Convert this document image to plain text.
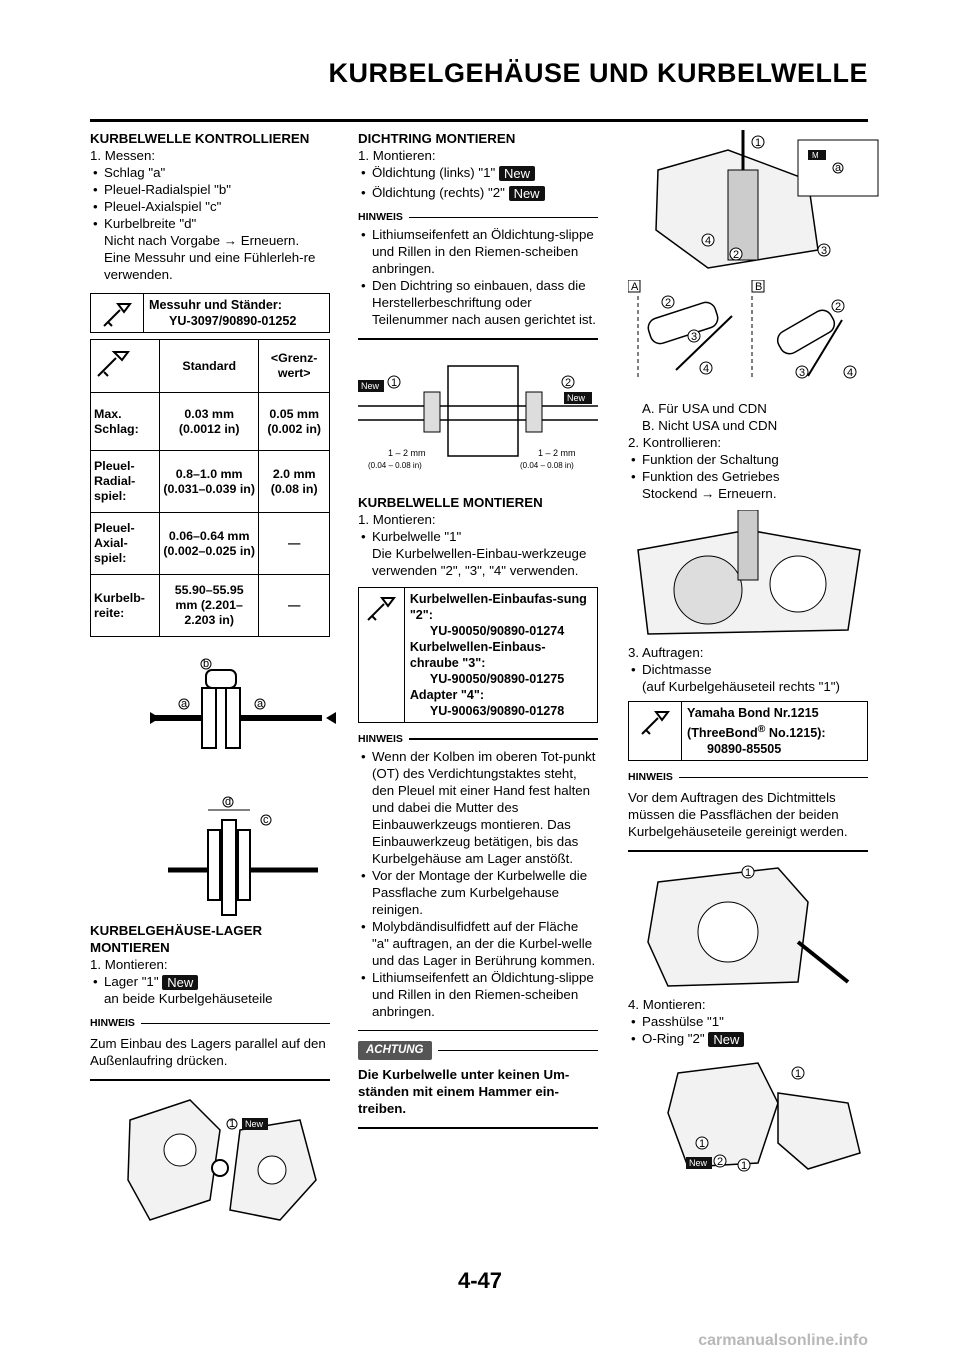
KURBELGEHÄUSE UND KURBELWELLE

KURBELWELLE KONTROLLIEREN

1. Messen:

• Schlag "a"

• Pleuel-Radialspiel "b"

• Pleuel-Axialspiel "c"

• Kurbelbreite "d"

Nicht nach Vorgabe → Erneuern.

Eine Messuhr und eine Fühlerleh-re verwenden.

Messuhr und Ständer:
YU-3097/90890-01252
	Standard	<Grenz-wert>
Max. Schlag:	0.03 mm (0.0012 in)	0.05 mm (0.002 in)
Pleuel-Radial-spiel:	0.8–1.0 mm (0.031–0.039 in)	2.0 mm (0.08 in)
Pleuel-Axial-spiel:	0.06–0.64 mm (0.002–0.025 in)	—
Kurbelb-reite:	55.90–55.95 mm (2.201–2.203 in)	—
a	a
b
d
c

KURBELGEHÄUSE-LAGER MONTIEREN

1. Montieren:

• Lager "1" New

an beide Kurbelgehäuseteile

HINWEIS
Zum Einbau des Lagers parallel auf den Außenlaufring drücken.
1 New

DICHTRING MONTIEREN

1. Montieren:

• Öldichtung (links) "1" New

• Öldichtung (rechts) "2" New

HINWEIS

• Lithiumseifenfett an Öldichtung-slippe und Rillen in den Riemen-scheiben anbringen.

• Den Dichtring so einbauen, dass die Herstellerbeschriftung oder Teilenummer nach ausen gerichtet ist.

New 1	2
New
1 – 2 mm
(0.04 – 0.08 in)
1 – 2 mm
(0.04 – 0.08 in)

KURBELWELLE MONTIEREN

1. Montieren:

• Kurbelwelle "1"

Die Kurbelwellen-Einbau-werkzeuge verwenden "2", "3", "4" verwenden.

Kurbelwellen-Einbaufas-sung "2":
YU-90050/90890-01274
Kurbelwellen-Einbaus-chraube "3":
YU-90050/90890-01275
Adapter "4":
YU-90063/90890-01278
HINWEIS

• Wenn der Kolben im oberen Tot-punkt (OT) des Verdichtungstaktes steht, den Pleuel mit einer Hand fest halten und dabei die Mutter des Einbauwerkzeugs montieren. Das Einbauwerkzeug betätigen, bis das Kurbelgehäuse am Lager anstößt.

• Vor der Montage der Kurbelwelle die Passflache zum Kurbelgehause reinigen.

• Molybdändisulfidfett auf der Fläche "a" auftragen, an der die Kurbel-welle und das Lager in Berührung kommen.

• Lithiumseifenfett an Öldichtung-slippe und Rillen in den Riemen-scheiben anbringen.

ACHTUNG
Die Kurbelwelle unter keinen Um-ständen mit einem Hammer ein-treiben.
M
a
1
4
2	3

A	B
2
3
4
2
3	4

A. Für USA und CDN

B. Nicht USA und CDN

2. Kontrollieren:

• Funktion der Schaltung

• Funktion des Getriebes

Stockend → Erneuern.

3. Auftragen:

• Dichtmasse

(auf Kurbelgehäuseteil rechts "1")

Yamaha Bond Nr.1215
(ThreeBond® No.1215):
90890-85505
HINWEIS
Vor dem Auftragen des Dichtmittels müssen die Passflächen der beiden Kurbelgehäuseteile gereinigt werden.
1

4. Montieren:

• Passhülse "1"

• O-Ring "2" New

1
1
1
2
New
4-47
carmanualsonline.info
